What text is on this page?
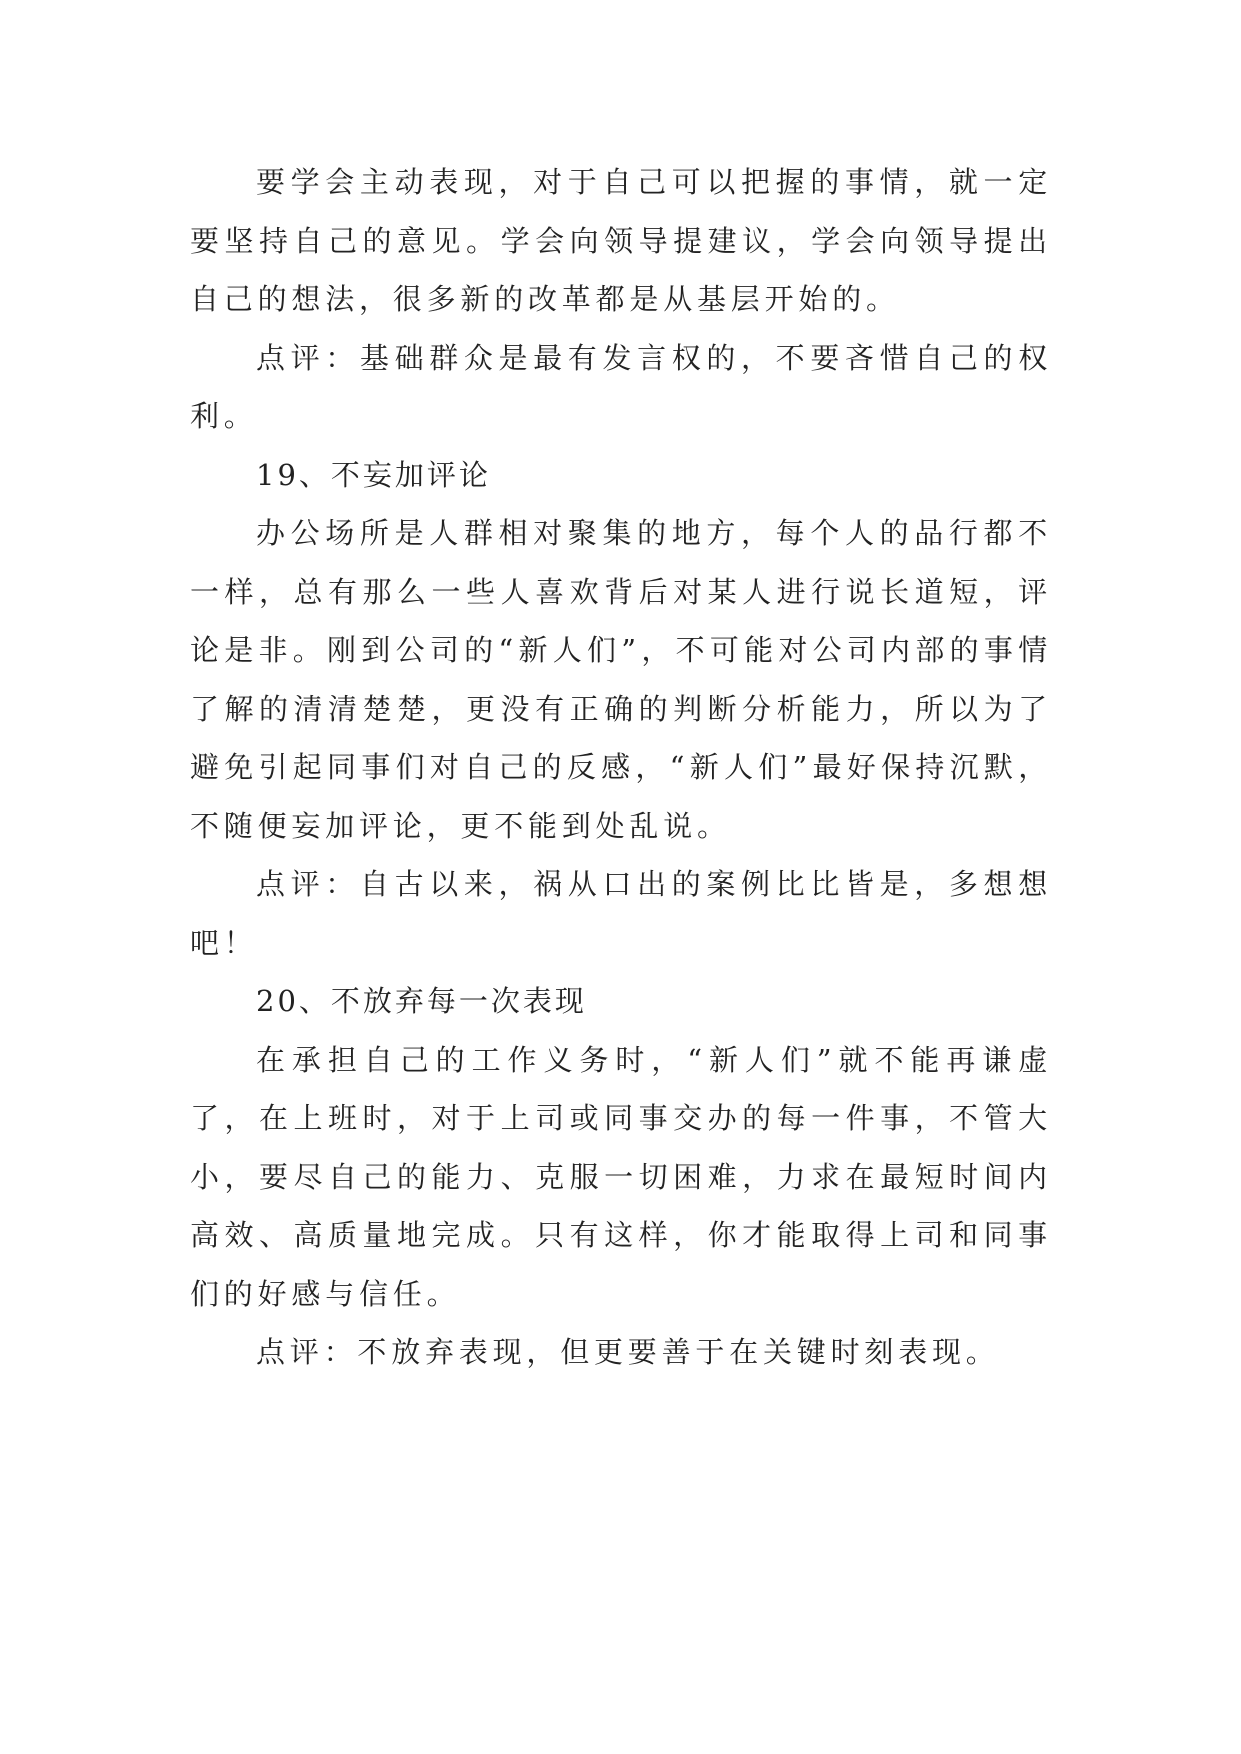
要学会主动表现，对于自己可以把握的事情，就一定要坚持自己的意见。学会向领导提建议，学会向领导提出自己的想法，很多新的改革都是从基层开始的。

点评：基础群众是最有发言权的，不要吝惜自己的权利。

19、不妄加评论

办公场所是人群相对聚集的地方，每个人的品行都不一样，总有那么一些人喜欢背后对某人进行说长道短，评论是非。刚到公司的“新人们”，不可能对公司内部的事情了解的清清楚楚，更没有正确的判断分析能力，所以为了避免引起同事们对自己的反感，“新人们”最好保持沉默，不随便妄加评论，更不能到处乱说。

点评：自古以来，祸从口出的案例比比皆是，多想想吧！

20、不放弃每一次表现

在承担自己的工作义务时，“新人们”就不能再谦虚了，在上班时，对于上司或同事交办的每一件事，不管大小，要尽自己的能力、克服一切困难，力求在最短时间内高效、高质量地完成。只有这样，你才能取得上司和同事们的好感与信任。

点评：不放弃表现，但更要善于在关键时刻表现。
